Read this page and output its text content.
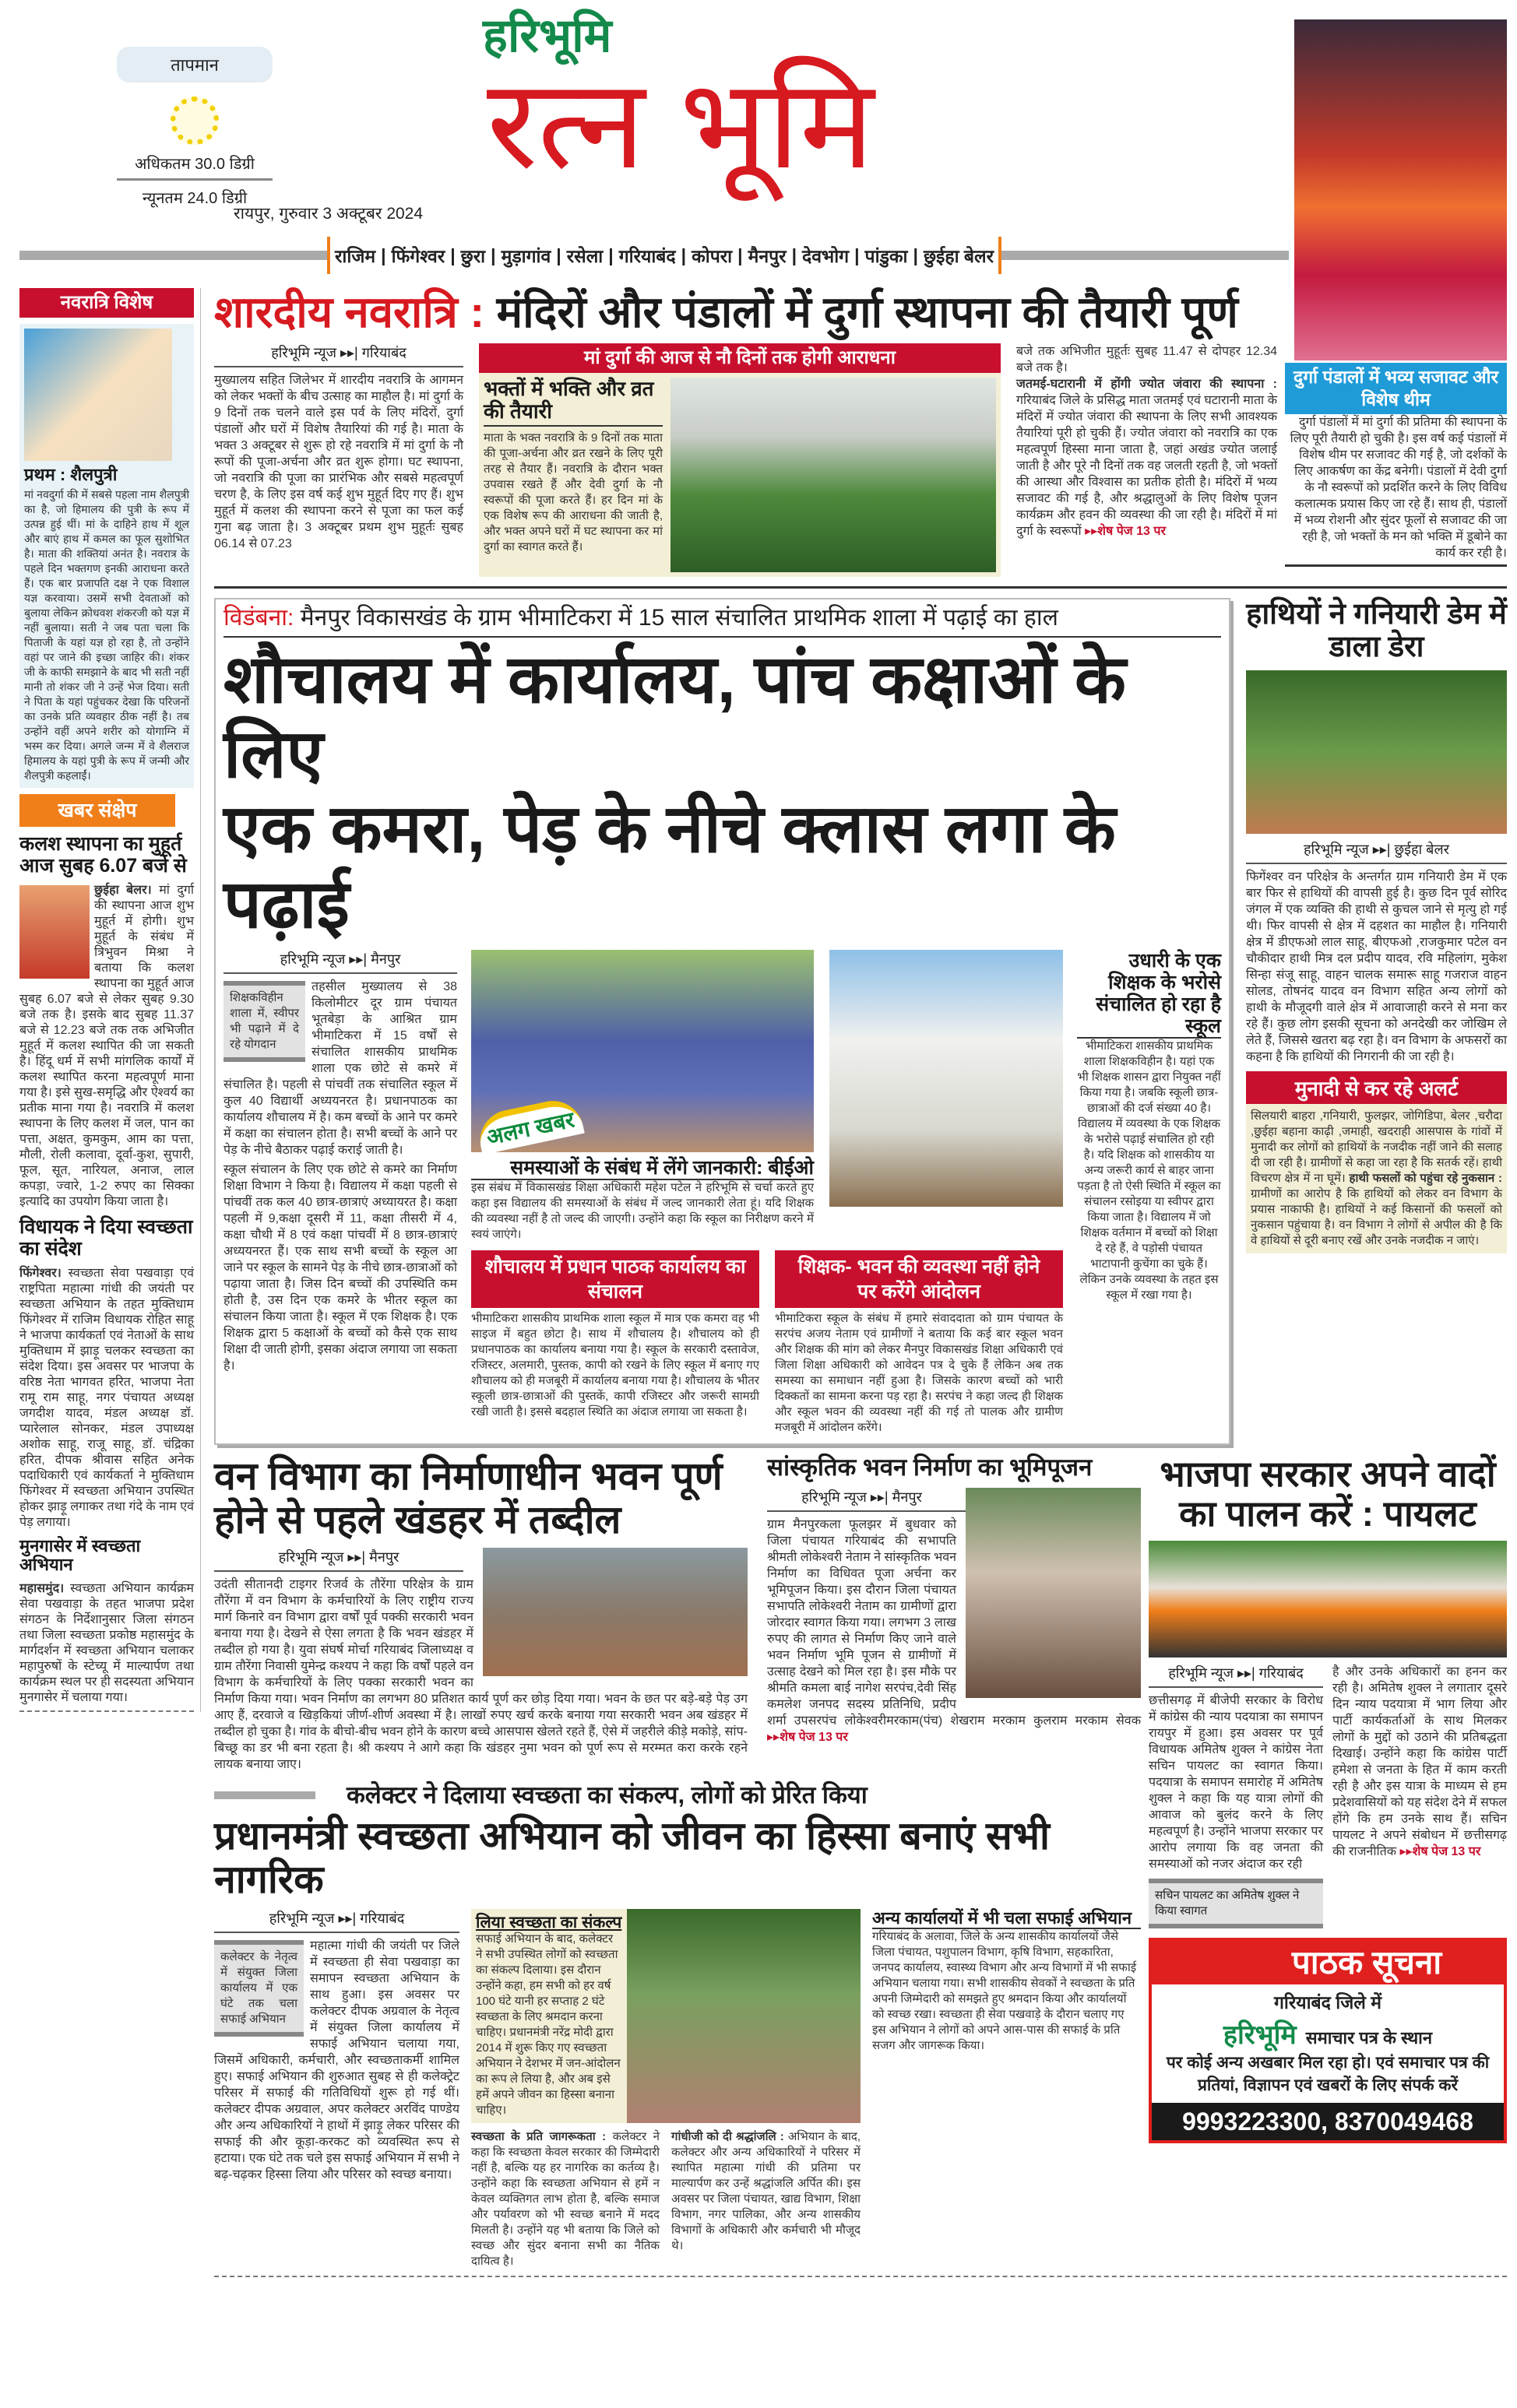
तापमान
अधिकतम 30.0 डिग्री
न्यूनतम 24.0 डिग्री
हरिभूमि
रत्न भूमि
रायपुर, गुरुवार 3 अक्टूबर 2024
राजिम | फिंगेश्वर | छुरा | मुड़ागांव | रसेला | गरियाबंद | कोपरा | मैनपुर | देवभोग | पांडुका | छुईहा बेलर
नवरात्रि विशेष
प्रथम : शैलपुत्री
मां नवदुर्गा की में सबसे पहला नाम शैलपुत्री का है, जो हिमालय की पुत्री के रूप में उत्पन्न हुई थीं। मां के दाहिने हाथ में शूल और बाएं हाथ में कमल का फूल सुशोभित है। माता की शक्तियां अनंत है। नवरात्र के पहले दिन भक्तगण इनकी आराधना करते हैं। एक बार प्रजापति दक्ष ने एक विशाल यज्ञ करवाया। उसमें सभी देवताओं को बुलाया लेकिन क्रोधवश शंकरजी को यज्ञ में नहीं बुलाया। सती ने जब पता चला कि पिताजी के यहां यज्ञ हो रहा है, तो उन्होंने वहां पर जाने की इच्छा जाहिर की। शंकर जी के काफी समझाने के बाद भी सती नहीं मानी तो शंकर जी ने उन्हें भेज दिया। सती ने पिता के यहां पहुंचकर देखा कि परिजनों का उनके प्रति व्यवहार ठीक नहीं है। तब उन्होंने वहीं अपने शरीर को योगाग्नि में भस्म कर दिया। अगले जन्म में वे शैलराज हिमालय के यहां पुत्री के रूप में जन्मी और शैलपुत्री कहलाईं।
खबर संक्षेप
कलश स्थापना का मुहूर्त आज सुबह 6.07 बजे से
छुईहा बेलर। मां दुर्गा की स्थापना आज शुभ मुहूर्त में होगी। शुभ मुहूर्त के संबंध में त्रिभुवन मिश्रा ने बताया कि कलश स्थापना का मुहूर्त आज सुबह 6.07 बजे से लेकर सुबह 9.30 बजे तक है। इसके बाद सुबह 11.37 बजे से 12.23 बजे तक तक अभिजीत मुहूर्त में कलश स्थापित की जा सकती है। हिंदू धर्म में सभी मांगलिक कार्यों में कलश स्थापित करना महत्वपूर्ण माना गया है। इसे सुख-समृद्धि और ऐश्वर्य का प्रतीक माना गया है। नवरात्रि में कलश स्थापना के लिए कलश में जल, पान का पत्ता, अक्षत, कुमकुम, आम का पत्ता, मौली, रोली कलावा, दूर्वा-कुश, सुपारी, फूल, सूत, नारियल, अनाज, लाल कपड़ा, ज्वारे, 1-2 रुपए का सिक्का इत्यादि का उपयोग किया जाता है।
विधायक ने दिया स्वच्छता का संदेश
फिंगेश्वर। स्वच्छता सेवा पखवाड़ा एवं राष्ट्रपिता महात्मा गांधी की जयंती पर स्वच्छता अभियान के तहत मुक्तिधाम फिंगेश्वर में राजिम विधायक रोहित साहू ने भाजपा कार्यकर्ता एवं नेताओं के साथ मुक्तिधाम में झाड़ू चलकर स्वच्छता का संदेश दिया। इस अवसर पर भाजपा के वरिष्ठ नेता भागवत हरित, भाजपा नेता रामू राम साहू, नगर पंचायत अध्यक्ष जगदीश यादव, मंडल अध्यक्ष डॉ. प्यारेलाल सोनकर, मंडल उपाध्यक्ष अशोक साहू, राजू साहू, डॉ. चंद्रिका हरित, दीपक श्रीवास सहित अनेक पदाधिकारी एवं कार्यकर्ता ने मुक्तिधाम फिंगेश्वर में स्वच्छता अभियान उपस्थित होकर झाड़ू लगाकर तथा गंदे के नाम एवं पेड़ लगाया।
मुनगासेर में स्वच्छता अभियान
महासमुंद। स्वच्छता अभियान कार्यक्रम सेवा पखवाड़ा के तहत भाजपा प्रदेश संगठन के निर्देशानुसार जिला संगठन तथा जिला स्वच्छता प्रकोष्ठ महासमुंद के मार्गदर्शन में स्वच्छता अभियान चलाकर महापुरुषों के स्टेच्यू में माल्यार्पण तथा कार्यक्रम स्थल पर ही सदस्यता अभियान मुनगासेर में चलाया गया।
शारदीय नवरात्रि : मंदिरों और पंडालों में दुर्गा स्थापना की तैयारी पूर्ण
हरिभूमि न्यूज ▸▸| गरियाबंद
मुख्यालय सहित जिलेभर में शारदीय नवरात्रि के आगमन को लेकर भक्तों के बीच उत्साह का माहौल है। मां दुर्गा के 9 दिनों तक चलने वाले इस पर्व के लिए मंदिरों, दुर्गा पंडालों और घरों में विशेष तैयारियां की गई है। माता के भक्त 3 अक्टूबर से शुरू हो रहे नवरात्रि में मां दुर्गा के नौ रूपों की पूजा-अर्चना और व्रत शुरू होगा। घट स्थापना, जो नवरात्रि की पूजा का प्रारंभिक और सबसे महत्वपूर्ण चरण है, के लिए इस वर्ष कई शुभ मुहूर्त दिए गए हैं। शुभ मुहूर्त में कलश की स्थापना करने से पूजा का फल कई गुना बढ़ जाता है। 3 अक्टूबर प्रथम शुभ मुहूर्तः सुबह 06.14 से 07.23
मां दुर्गा की आज से नौ दिनों तक होगी आराधना
भक्तों में भक्ति और व्रत की तैयारी
माता के भक्त नवरात्रि के 9 दिनों तक माता की पूजा-अर्चना और व्रत रखने के लिए पूरी तरह से तैयार हैं। नवरात्रि के दौरान भक्त उपवास रखते हैं और देवी दुर्गा के नौ स्वरूपों की पूजा करते हैं। हर दिन मां के एक विशेष रूप की आराधना की जाती है, और भक्त अपने घरों में घट स्थापना कर मां दुर्गा का स्वागत करते हैं।
बजे तक अभिजीत मुहूर्तः सुबह 11.47 से दोपहर 12.34 बजे तक है।
जतमई-घटारानी में होंगी ज्योत जंवारा की स्थापना : गरियाबंद जिले के प्रसिद्ध माता जतमई एवं घटारानी माता के मंदिरों में ज्योत जंवारा की स्थापना के लिए सभी आवश्यक तैयारियां पूरी हो चुकी हैं। ज्योत जंवारा को नवरात्रि का एक महत्वपूर्ण हिस्सा माना जाता है, जहां अखंड ज्योत जलाई जाती है और पूरे नौ दिनों तक वह जलती रहती है, जो भक्तों की आस्था और विश्वास का प्रतीक होती है। मंदिरों में भव्य सजावट की गई है, और श्रद्धालुओं के लिए विशेष पूजन कार्यक्रम और हवन की व्यवस्था की जा रही है। मंदिरों में मां दुर्गा के स्वरूपों ▸▸शेष पेज 13 पर
दुर्गा पंडालों में भव्य सजावट और विशेष थीम
दुर्गा पंडालों में मां दुर्गा की प्रतिमा की स्थापना के लिए पूरी तैयारी हो चुकी है। इस वर्ष कई पंडालों में विशेष थीम पर सजावट की गई है, जो दर्शकों के लिए आकर्षण का केंद्र बनेगी। पंडालों में देवी दुर्गा के नौ स्वरूपों को प्रदर्शित करने के लिए विविध कलात्मक प्रयास किए जा रहे हैं। साथ ही, पंडालों में भव्य रोशनी और सुंदर फूलों से सजावट की जा रही है, जो भक्तों के मन को भक्ति में डूबोने का कार्य कर रही है।
विडंबना: मैनपुर विकासखंड के ग्राम भीमाटिकरा में 15 साल संचालित प्राथमिक शाला में पढ़ाई का हाल
शौचालय में कार्यालय, पांच कक्षाओं के लिए
एक कमरा, पेड़ के नीचे क्लास लगा के पढ़ाई
हरिभूमि न्यूज ▸▸| मैनपुर
शिक्षकविहीन शाला में, स्वीपर भी पढ़ाने में दे रहे योगदान
तहसील मुख्यालय से 38 किलोमीटर दूर ग्राम पंचायत भूतबेड़ा के आश्रित ग्राम भीमाटिकरा में 15 वर्षों से संचालित शासकीय प्राथमिक शाला एक छोटे से कमरे में संचालित है। पहली से पांचवीं तक संचालित स्कूल में कुल 40 विद्यार्थी अध्ययनरत है। प्रधानपाठक का कार्यालय शौचालय में है। कम बच्चों के आने पर कमरे में कक्षा का संचालन होता है। सभी बच्चों के आने पर पेड़ के नीचे बैठाकर पढ़ाई कराई जाती है।
स्कूल संचालन के लिए एक छोटे से कमरे का निर्माण शिक्षा विभाग ने किया है। विद्यालय में कक्षा पहली से पांचवीं तक कल 40 छात्र-छात्राएं अध्यायरत है। कक्षा पहली में 9,कक्षा दूसरी में 11, कक्षा तीसरी में 4, कक्षा चौथी में 8 एवं कक्षा पांचवीं में 8 छात्र-छात्राएं अध्ययनरत हैं। एक साथ सभी बच्चों के स्कूल आ जाने पर स्कूल के सामने पेड़ के नीचे छात्र-छात्राओं को पढ़ाया जाता है। जिस दिन बच्चों की उपस्थिति कम होती है, उस दिन एक कमरे के भीतर स्कूल का संचालन किया जाता है। स्कूल में एक शिक्षक है। एक शिक्षक द्वारा 5 कक्षाओं के बच्चों को कैसे एक साथ शिक्षा दी जाती होगी, इसका अंदाज लगाया जा सकता है।
अलग खबर
समस्याओं के संबंध में लेंगे जानकारी: बीईओ
इस संबंध में विकासखंड शिक्षा अधिकारी महेश पटेल ने हरिभूमि से चर्चा करते हुए कहा इस विद्यालय की समस्याओं के संबंध में जल्द जानकारी लेता हूं। यदि शिक्षक की व्यवस्था नहीं है तो जल्द की जाएगी। उन्होंने कहा कि स्कूल का निरीक्षण करने में स्वयं जाएंगे।
शौचालय में प्रधान पाठक कार्यालय का संचालन
भीमाटिकरा शासकीय प्राथमिक शाला स्कूल में मात्र एक कमरा वह भी साइज में बहुत छोटा है। साथ में शौचालय है। शौचालय को ही प्रधानपाठक का कार्यालय बनाया गया है। स्कूल के सरकारी दस्तावेज, रजिस्टर, अलमारी, पुस्तक, कापी को रखने के लिए स्कूल में बनाए गए शौचालय को ही मजबूरी में कार्यालय बनाया गया है। शौचालय के भीतर स्कूली छात्र-छात्राओं की पुस्तकें, कापी रजिस्टर और जरूरी सामग्री रखी जाती है। इससे बदहाल स्थिति का अंदाज लगाया जा सकता है।
शिक्षक- भवन की व्यवस्था नहीं होने पर करेंगे आंदोलन
भीमाटिकरा स्कूल के संबंध में हमारे संवाददाता को ग्राम पंचायत के सरपंच अजय नेताम एवं ग्रामीणों ने बताया कि कई बार स्कूल भवन और शिक्षक की मांग को लेकर मैनपुर विकासखंड शिक्षा अधिकारी एवं जिला शिक्षा अधिकारी को आवेदन पत्र दे चुके हैं लेकिन अब तक समस्या का समाधान नहीं हुआ है। जिसके कारण बच्चों को भारी दिक्कतों का सामना करना पड़ रहा है। सरपंच ने कहा जल्द ही शिक्षक और स्कूल भवन की व्यवस्था नहीं की गई तो पालक और ग्रामीण मजबूरी में आंदोलन करेंगे।
उधारी के एक शिक्षक के भरोसे संचालित हो रहा है स्कूल
भीमाटिकरा शासकीय प्राथमिक शाला शिक्षकविहीन है। यहां एक भी शिक्षक शासन द्वारा नियुक्त नहीं किया गया है। जबकि स्कूली छात्र-छात्राओं की दर्ज संख्या 40 है। विद्यालय में व्यवस्था के एक शिक्षक के भरोसे पढ़ाई संचालित हो रही है। यदि शिक्षक को शासकीय या अन्य जरूरी कार्य से बाहर जाना पड़ता है तो ऐसी स्थिति में स्कूल का संचालन रसोइया या स्वीपर द्वारा किया जाता है। विद्यालय में जो शिक्षक वर्तमान में बच्चों को शिक्षा दे रहे हैं, वे पड़ोसी पंचायत भाटापानी कुचेंगा का चुके हैं। लेकिन उनके व्यवस्था के तहत इस स्कूल में रखा गया है।
हाथियों ने गनियारी डेम में डाला डेरा
हरिभूमि न्यूज ▸▸| छुईहा बेलर
फिगेंश्वर वन परिक्षेत्र के अन्तर्गत ग्राम गनियारी डेम में एक बार फिर से हाथियों की वापसी हुई है। कुछ दिन पूर्व सोरिद जंगल में एक व्यक्ति की हाथी से कुचल जाने से मृत्यु हो गई थी। फिर वापसी से क्षेत्र में दहशत का माहौल है। गनियारी क्षेत्र में डीएफओ लाल साहू, बीएफओ ,राजकुमार पटेल वन चौकीदार हाथी मित्र दल प्रदीप यादव, रवि महिलांग, मुकेश सिन्हा संजू साहू, वाहन चालक समारू साहू गजराज वाहन सोलड, तोषनंद यादव वन विभाग सहित अन्य लोगों को हाथी के मौजूदगी वाले क्षेत्र में आवाजाही करने से मना कर रहे हैं। कुछ लोग इसकी सूचना को अनदेखी कर जोखिम ले लेते हैं, जिससे खतरा बढ़ रहा है। वन विभाग के अफसरों का कहना है कि हाथियों की निगरानी की जा रही है।
मुनादी से कर रहे अलर्ट
सिलयारी बाहरा ,गनियारी, फुलझर, जोगिडिपा, बेलर ,चरौदा ,छुईहा बहाना काढ़ी ,जमाही, खदराही आसपास के गांवों में मुनादी कर लोगों को हाथियों के नजदीक नहीं जाने की सलाह दी जा रही है। ग्रामीणों से कहा जा रहा है कि सतर्क रहें। हाथी विचरण क्षेत्र में ना घूमें। हाथी फसलों को पहुंचा रहे नुकसान : ग्रामीणों का आरोप है कि हाथियों को लेकर वन विभाग के प्रयास नाकाफी है। हाथियों ने कई किसानों की फसलों को नुकसान पहुंचाया है। वन विभाग ने लोगों से अपील की है कि वे हाथियों से दूरी बनाए रखें और उनके नजदीक न जाएं।
वन विभाग का निर्माणाधीन भवन पूर्ण होने से पहले खंडहर में तब्दील
हरिभूमि न्यूज ▸▸| मैनपुर
उदंती सीतानदी टाइगर रिजर्व के तौरेंगा परिक्षेत्र के ग्राम तौरेंगा में वन विभाग के कर्मचारियों के लिए राष्ट्रीय राज्य मार्ग किनारे वन विभाग द्वारा वर्षों पूर्व पक्की सरकारी भवन बनाया गया है। देखने से ऐसा लगता है कि भवन खंडहर में तब्दील हो गया है। युवा संघर्ष मोर्चा गरियाबंद जिलाध्यक्ष व ग्राम तौरेंगा निवासी युमेन्द्र कश्यप ने कहा कि वर्षों पहले वन विभाग के कर्मचारियों के लिए पक्का सरकारी भवन का निर्माण किया गया। भवन निर्माण का लगभग 80 प्रतिशत कार्य पूर्ण कर छोड़ दिया गया। भवन के छत पर बड़े-बड़े पेड़ उग आए हैं, दरवाजे व खिड़कियां जीर्ण-शीर्ण अवस्था में है। लाखों रुपए खर्च करके बनाया गया सरकारी भवन अब खंडहर में तब्दील हो चुका है। गांव के बीचो-बीच भवन होने के कारण बच्चे आसपास खेलते रहते हैं, ऐसे में जहरीले कीड़े मकोड़े, सांप-बिच्छू का डर भी बना रहता है। श्री कश्यप ने आगे कहा कि खंडहर नुमा भवन को पूर्ण रूप से मरम्मत करा करके रहने लायक बनाया जाए।
सांस्कृतिक भवन निर्माण का भूमिपूजन
हरिभूमि न्यूज ▸▸| मैनपुर
ग्राम मैनपुरकला फूलझर में बुधवार को जिला पंचायत गरियाबंद की सभापति श्रीमती लोकेश्वरी नेताम ने सांस्कृतिक भवन निर्माण का विधिवत पूजा अर्चना कर भूमिपूजन किया। इस दौरान जिला पंचायत सभापति लोकेश्वरी नेताम का ग्रामीणों द्वारा जोरदार स्वागत किया गया। लगभग 3 लाख रुपए की लागत से निर्माण किए जाने वाले भवन निर्माण भूमि पूजन से ग्रामीणों में उत्साह देखने को मिल रहा है। इस मौके पर श्रीमति कमला बाई नागेश सरपंच,देवी सिंह कमलेश जनपद सदस्य प्रतिनिधि, प्रदीप शर्मा उपसरपंच लोकेश्वरीमरकाम(पंच) शेखराम मरकाम कुलराम मरकाम सेवक ▸▸शेष पेज 13 पर
कलेक्टर ने दिलाया स्वच्छता का संकल्प, लोगों को प्रेरित किया
प्रधानमंत्री स्वच्छता अभियान को जीवन का हिस्सा बनाएं सभी नागरिक
हरिभूमि न्यूज ▸▸| गरियाबंद
कलेक्टर के नेतृत्व में संयुक्त जिला कार्यालय में एक घंटे तक चला सफाई अभियान
महात्मा गांधी की जयंती पर जिले में स्वच्छता ही सेवा पखवाड़ा का समापन स्वच्छता अभियान के साथ हुआ। इस अवसर पर कलेक्टर दीपक अग्रवाल के नेतृत्व में संयुक्त जिला कार्यालय में सफाई अभियान चलाया गया, जिसमें अधिकारी, कर्मचारी, और स्वच्छताकर्मी शामिल हुए। सफाई अभियान की शुरुआत सुबह से ही कलेक्ट्रेट परिसर में सफाई की गतिविधियों शुरू हो गई थीं। कलेक्टर दीपक अग्रवाल, अपर कलेक्टर अरविंद पाण्डेय और अन्य अधिकारियों ने हाथों में झाड़ू लेकर परिसर की सफाई की और कूड़ा-करकट को व्यवस्थित रूप से हटाया। एक घंटे तक चले इस सफाई अभियान में सभी ने बढ़-चढ़कर हिस्सा लिया और परिसर को स्वच्छ बनाया।
लिया स्वच्छता का संकल्प
सफाई अभियान के बाद, कलेक्टर ने सभी उपस्थित लोगों को स्वच्छता का संकल्प दिलाया। इस दौरान उन्होंने कहा, हम सभी को हर वर्ष 100 घंटे यानी हर सप्ताह 2 घंटे स्वच्छता के लिए श्रमदान करना चाहिए। प्रधानमंत्री नरेंद्र मोदी द्वारा 2014 में शुरू किए गए स्वच्छता अभियान ने देशभर में जन-आंदोलन का रूप ले लिया है, और अब इसे हमें अपने जीवन का हिस्सा बनाना चाहिए।
स्वच्छता के प्रति जागरूकता : कलेक्टर ने कहा कि स्वच्छता केवल सरकार की जिम्मेदारी नहीं है, बल्कि यह हर नागरिक का कर्तव्य है। उन्होंने कहा कि स्वच्छता अभियान से हमें न केवल व्यक्तिगत लाभ होता है, बल्कि समाज और पर्यावरण को भी स्वच्छ बनाने में मदद मिलती है। उन्होंने यह भी बताया कि जिले को स्वच्छ और सुंदर बनाना सभी का नैतिक दायित्व है।
गांधीजी को दी श्रद्धांजलि : अभियान के बाद, कलेक्टर और अन्य अधिकारियों ने परिसर में स्थापित महात्मा गांधी की प्रतिमा पर माल्यार्पण कर उन्हें श्रद्धांजलि अर्पित की। इस अवसर पर जिला पंचायत, खाद्य विभाग, शिक्षा विभाग, नगर पालिका, और अन्य शासकीय विभागों के अधिकारी और कर्मचारी भी मौजूद थे।
अन्य कार्यालयों में भी चला सफाई अभियान
गरियाबंद के अलावा, जिले के अन्य शासकीय कार्यालयों जैसे जिला पंचायत, पशुपालन विभाग, कृषि विभाग, सहकारिता, जनपद कार्यालय, स्वास्थ्य विभाग और अन्य विभागों में भी सफाई अभियान चलाया गया। सभी शासकीय सेवकों ने स्वच्छता के प्रति अपनी जिम्मेदारी को समझते हुए श्रमदान किया और कार्यालयों को स्वच्छ रखा। स्वच्छता ही सेवा पखवाड़े के दौरान चलाए गए इस अभियान ने लोगों को अपने आस-पास की सफाई के प्रति सजग और जागरूक किया।
भाजपा सरकार अपने वादों का पालन करें : पायलट
हरिभूमि न्यूज ▸▸| गरियाबंद
छत्तीसगढ़ में बीजेपी सरकार के विरोध में कांग्रेस की न्याय पदयात्रा का समापन रायपुर में हुआ। इस अवसर पर पूर्व विधायक अमितेष शुक्ल ने कांग्रेस नेता सचिन पायलट का स्वागत किया। पदयात्रा के समापन समारोह में अमितेष शुक्ल ने कहा कि यह यात्रा लोगों की आवाज को बुलंद करने के लिए महत्वपूर्ण है। उन्होंने भाजपा सरकार पर आरोप लगाया कि वह जनता की समस्याओं को नजर अंदाज कर रही
सचिन पायलट का अमितेष शुक्ल ने किया स्वागत
है और उनके अधिकारों का हनन कर रही है। अमितेष शुक्ल ने लगातार दूसरे दिन न्याय पदयात्रा में भाग लिया और पार्टी कार्यकर्ताओं के साथ मिलकर लोगों के मुद्दों को उठाने की प्रतिबद्धता दिखाई। उन्होंने कहा कि कांग्रेस पार्टी हमेशा से जनता के हित में काम करती रही है और इस यात्रा के माध्यम से हम प्रदेशवासियों को यह संदेश देने में सफल होंगे कि हम उनके साथ हैं। सचिन पायलट ने अपने संबोधन में छत्तीसगढ़ की राजनीतिक ▸▸शेष पेज 13 पर
पाठक सूचना
गरियाबंद जिले में
हरिभूमि समाचार पत्र के स्थान
पर कोई अन्य अखबार मिल रहा हो। एवं समाचार पत्र की प्रतियां, विज्ञापन एवं खबरों के लिए संपर्क करें
9993223300, 8370049468
